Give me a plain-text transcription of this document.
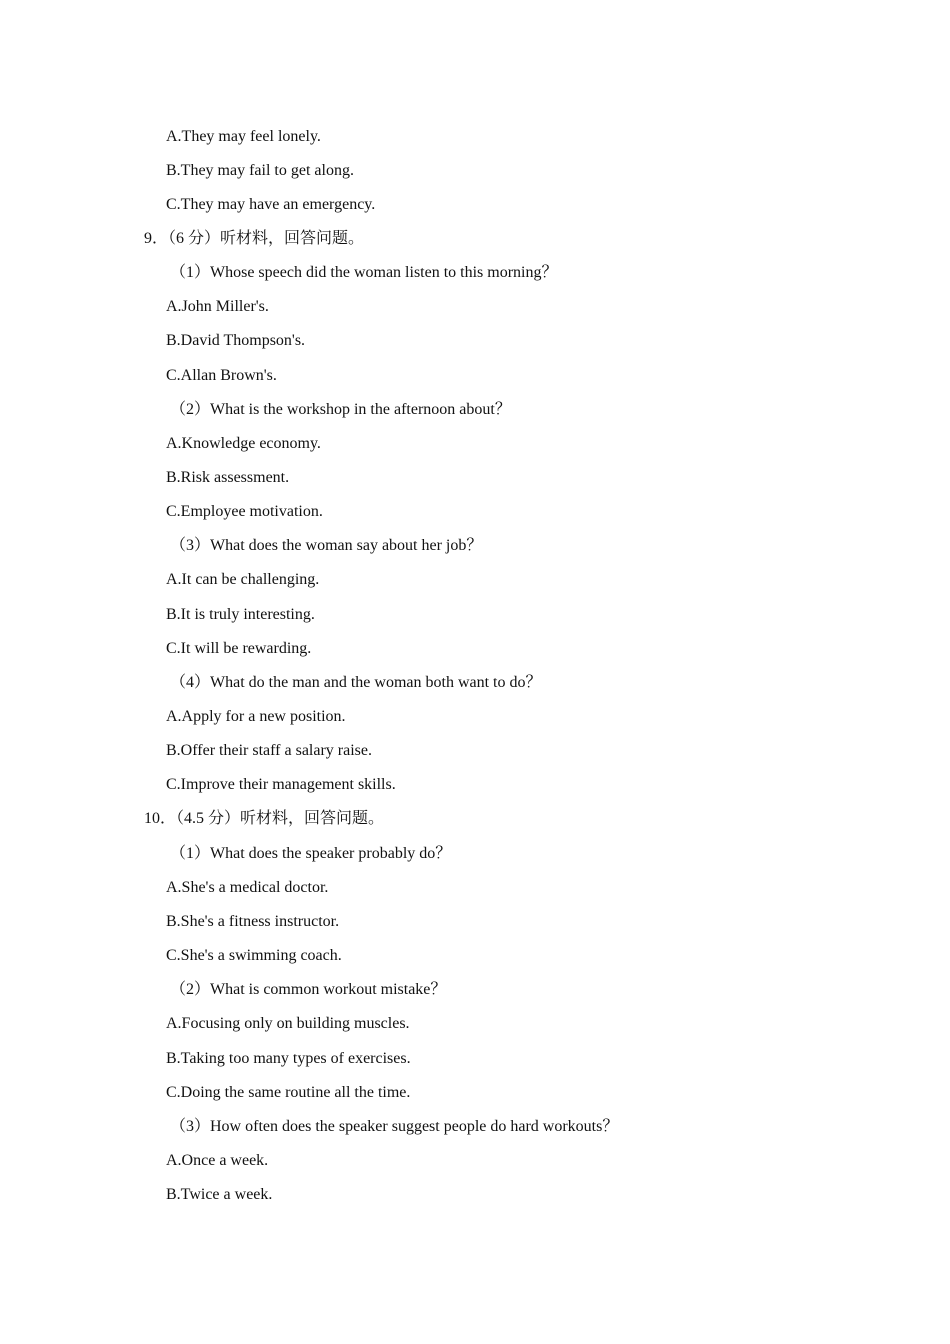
A.They may feel lonely.
B.They may fail to get along.
C.They may have an emergency.
9．（6 分）听材料，回答问题。
（1）Whose speech did the woman listen to this morning？
A.John Miller's.
B.David Thompson's.
C.Allan Brown's.
（2）What is the workshop in the afternoon about？
A.Knowledge economy.
B.Risk assessment.
C.Employee motivation.
（3）What does the woman say about her job？
A.It can be challenging.
B.It is truly interesting.
C.It will be rewarding.
（4）What do the man and the woman both want to do？
A.Apply for a new position.
B.Offer their staff a salary raise.
C.Improve their management skills.
10．（4.5 分）听材料，回答问题。
（1）What does the speaker probably do？
A.She's a medical doctor.
B.She's a fitness instructor.
C.She's a swimming coach.
（2）What is common workout mistake？
A.Focusing only on building muscles.
B.Taking too many types of exercises.
C.Doing the same routine all the time.
（3）How often does the speaker suggest people do hard workouts？
A.Once a week.
B.Twice a week.
